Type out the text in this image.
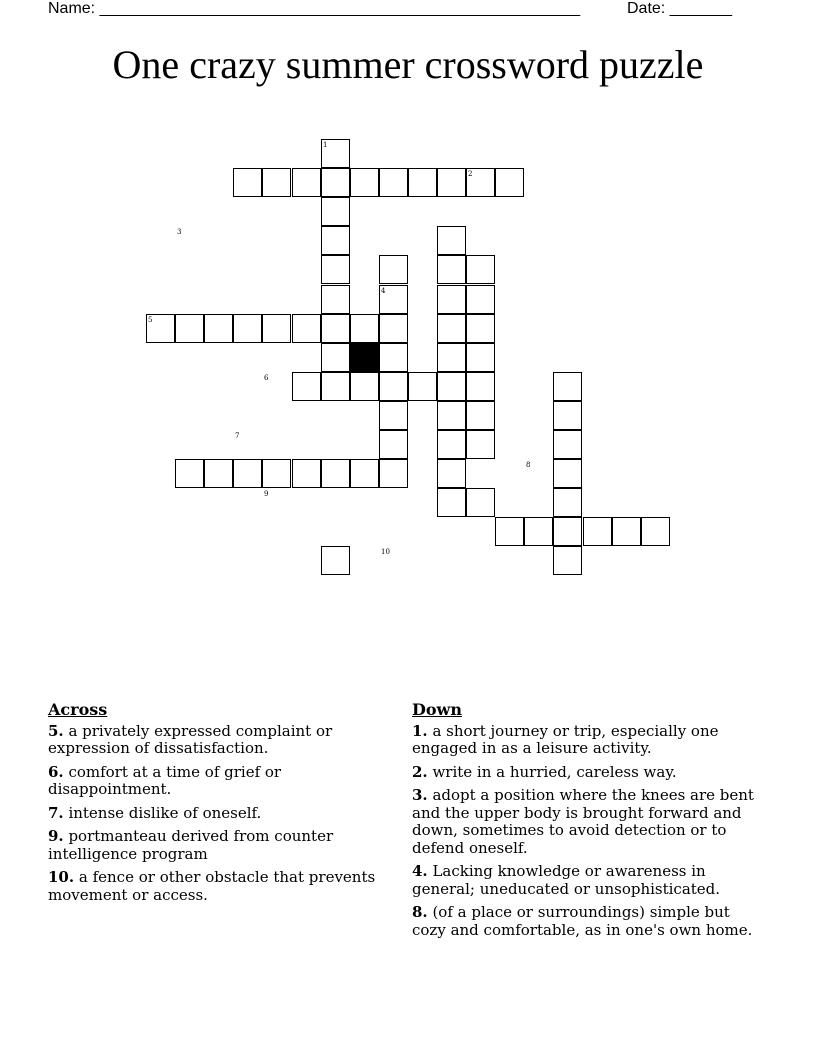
Name: ______________________________________________________	Date: _______
One crazy summer crossword puzzle
1
2
3
4
5
6
7
8
9
10
Across
5. a privately expressed complaint or expression of dissatisfaction.
6. comfort at a time of grief or disappointment.
7. intense dislike of oneself.
9. portmanteau derived from counter intelligence program
10. a fence or other obstacle that prevents movement or access.
Down
1. a short journey or trip, especially one engaged in as a leisure activity.
2. write in a hurried, careless way.
3. adopt a position where the knees are bent and the upper body is brought forward and down, sometimes to avoid detection or to defend oneself.
4. Lacking knowledge or awareness in general; uneducated or unsophisticated.
8. (of a place or surroundings) simple but cozy and comfortable, as in one's own home.
